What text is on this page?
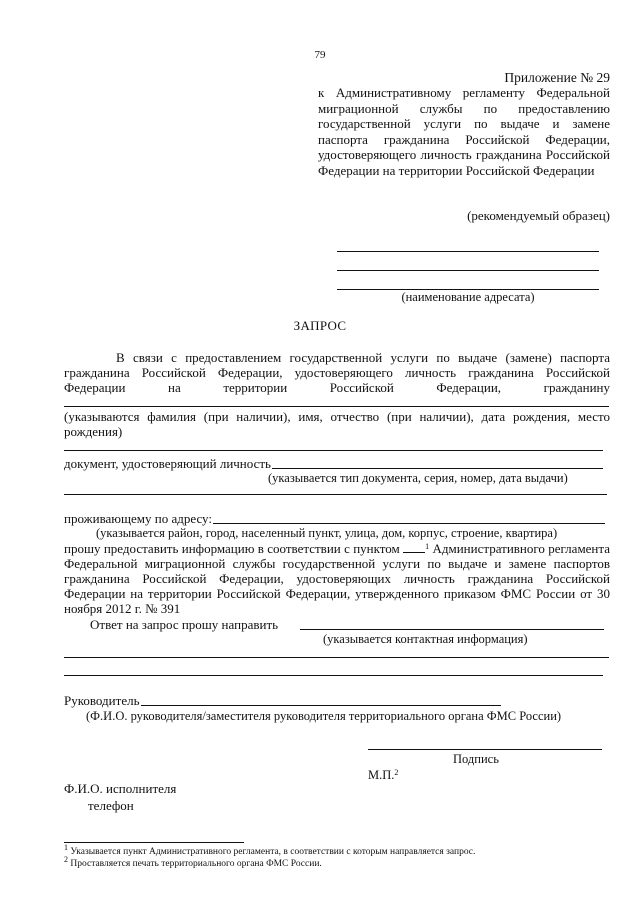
79
Приложение № 29
к Административному регламенту Федеральной миграционной службы по предоставлению государственной услуги по выдаче и замене паспорта гражданина Российской Федерации, удостоверяющего личность гражданина Российской Федерации на территории Российской Федерации
(рекомендуемый образец)
(наименование адресата)
ЗАПРОС
В связи с предоставлением государственной услуги по выдаче (замене) паспорта гражданина Российской Федерации, удостоверяющего личность гражданина Российской Федерации на территории Российской Федерации, гражданину
(указываются фамилия (при наличии), имя, отчество (при наличии), дата рождения, место рождения)
документ, удостоверяющий личность
(указывается тип документа, серия, номер, дата выдачи)
проживающему по адресу:
(указывается район, город, населенный пункт, улица, дом, корпус, строение, квартира)
прошу предоставить информацию в соответствии с пунктом	$^1$ Административного регламента Федеральной миграционной службы государственной услуги по выдаче и замене паспортов гражданина Российской Федерации, удостоверяющих личность гражданина Российской Федерации на территории Российской Федерации, утвержденного приказом ФМС России от 30 ноября 2012 г. № 391
Ответ на запрос прошу направить
(указывается контактная информация)
Руководитель
(Ф.И.О. руководителя/заместителя руководителя территориального органа ФМС России)
Подпись
М.П.$^2$
Ф.И.О. исполнителя
телефон
$^1$ Указывается пункт Административного регламента, в соответствии с которым направляется запрос.
$^2$ Проставляется печать территориального органа ФМС России.
